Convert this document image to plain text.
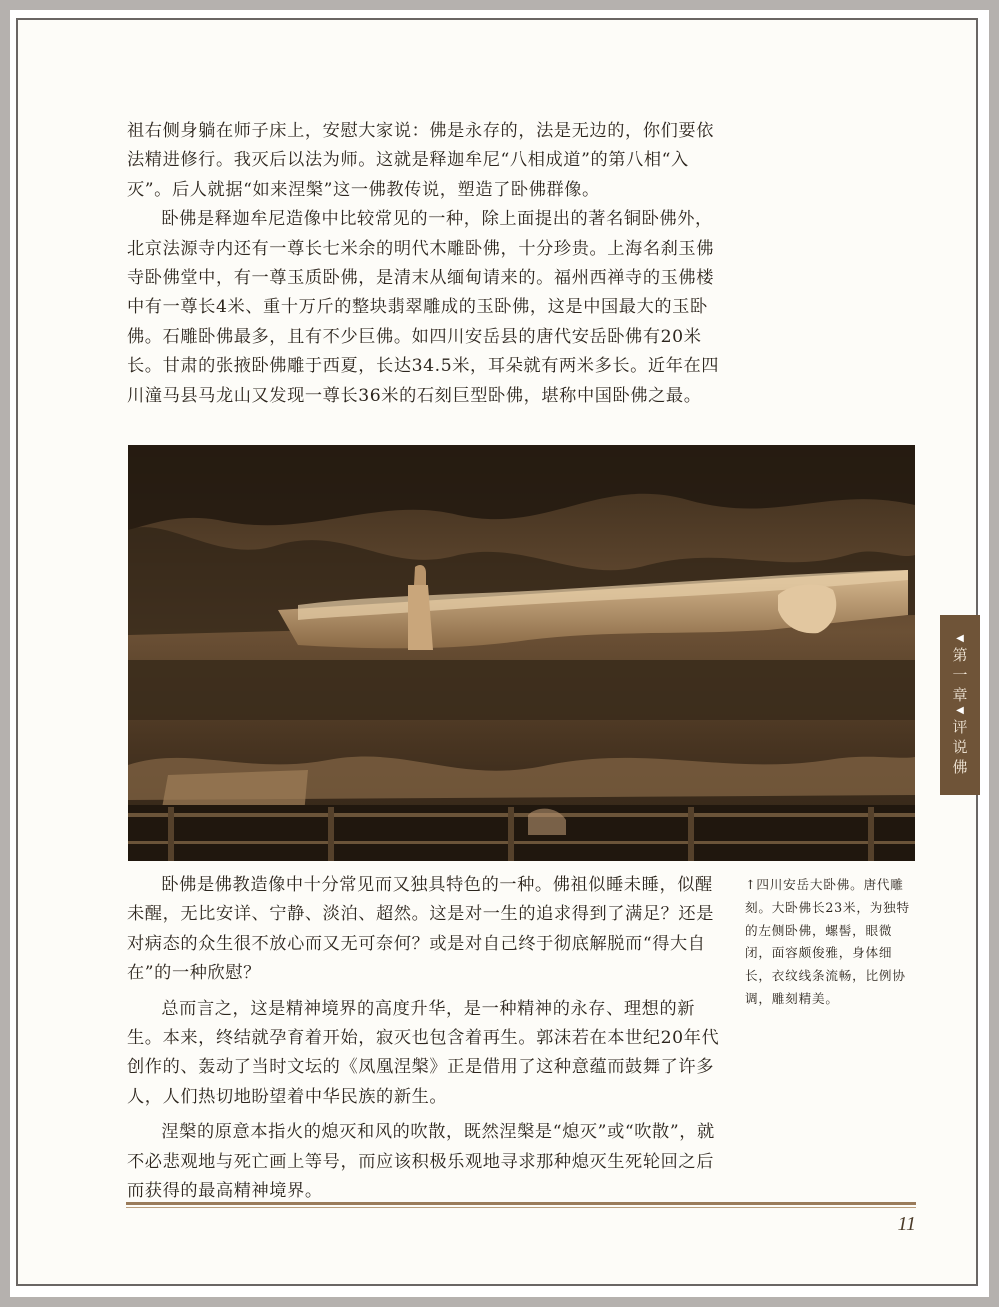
祖右侧身躺在师子床上，安慰大家说：佛是永存的，法是无边的，你们要依法精进修行。我灭后以法为师。这就是释迦牟尼“八相成道”的第八相“入灭”。后人就据“如来涅槃”这一佛教传说，塑造了卧佛群像。

卧佛是释迦牟尼造像中比较常见的一种，除上面提出的著名铜卧佛外，北京法源寺内还有一尊长七米余的明代木雕卧佛，十分珍贵。上海名刹玉佛寺卧佛堂中，有一尊玉质卧佛，是清末从缅甸请来的。福州西禅寺的玉佛楼中有一尊长4米、重十万斤的整块翡翠雕成的玉卧佛，这是中国最大的玉卧佛。石雕卧佛最多，且有不少巨佛。如四川安岳县的唐代安岳卧佛有20米长。甘肃的张掖卧佛雕于西夏，长达34.5米，耳朵就有两米多长。近年在四川潼马县马龙山又发现一尊长36米的石刻巨型卧佛，堪称中国卧佛之最。

↑四川安岳大卧佛。唐代雕刻。大卧佛长23米，为独特的左侧卧佛，螺髻，眼微闭，面容颇俊雅，身体细长，衣纹线条流畅，比例协调，雕刻精美。
◀
第
一
章
◀
评
说
佛

卧佛是佛教造像中十分常见而又独具特色的一种。佛祖似睡未睡，似醒未醒，无比安详、宁静、淡泊、超然。这是对一生的追求得到了满足？还是对病态的众生很不放心而又无可奈何？或是对自己终于彻底解脱而“得大自在”的一种欣慰？

总而言之，这是精神境界的高度升华，是一种精神的永存、理想的新生。本来，终结就孕育着开始，寂灭也包含着再生。郭沫若在本世纪20年代创作的、轰动了当时文坛的《凤凰涅槃》正是借用了这种意蕴而鼓舞了许多人，人们热切地盼望着中华民族的新生。

涅槃的原意本指火的熄灭和风的吹散，既然涅槃是“熄灭”或“吹散”，就不必悲观地与死亡画上等号，而应该积极乐观地寻求那种熄灭生死轮回之后而获得的最高精神境界。

11
